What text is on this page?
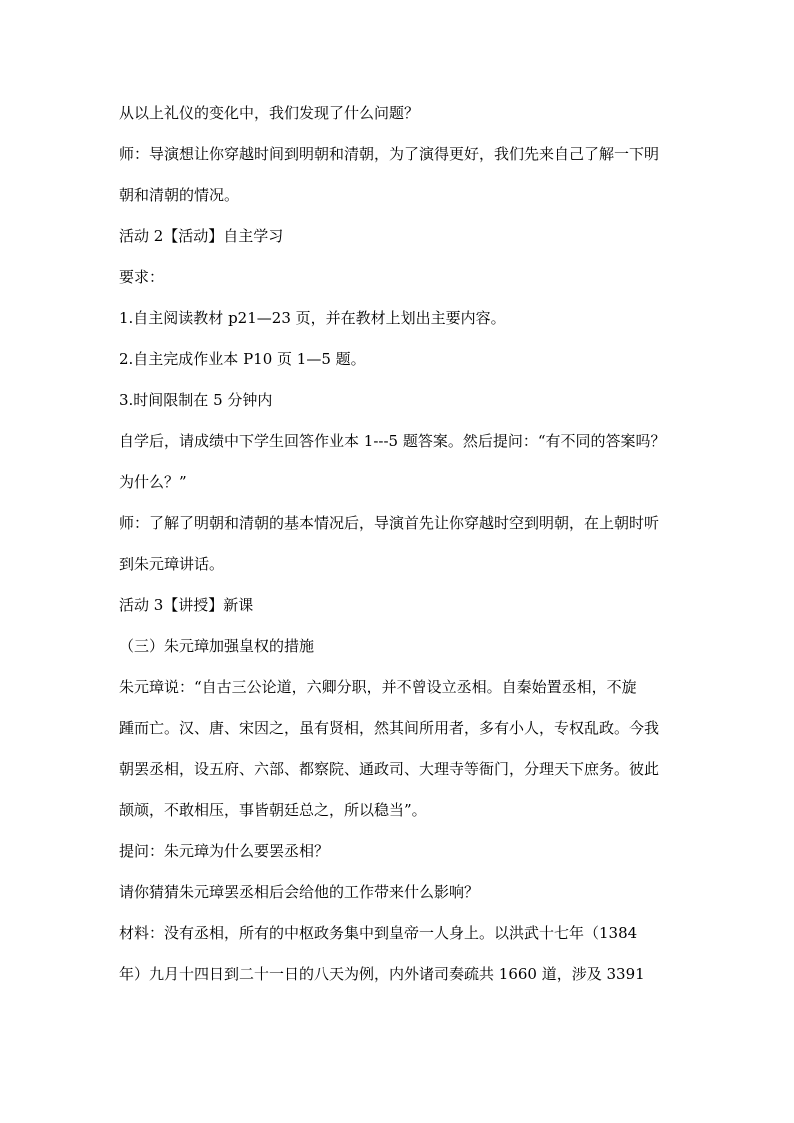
从以上礼仪的变化中，我们发现了什么问题？

师：导演想让你穿越时间到明朝和清朝，为了演得更好，我们先来自己了解一下明

朝和清朝的情况。

活动 2【活动】自主学习

要求：

1.自主阅读教材 p21—23 页，并在教材上划出主要内容。

2.自主完成作业本 P10 页 1—5 题。

3.时间限制在 5 分钟内

自学后，请成绩中下学生回答作业本 1---5 题答案。然后提问：“有不同的答案吗？

为什么？”

师：了解了明朝和清朝的基本情况后，导演首先让你穿越时空到明朝，在上朝时听

到朱元璋讲话。

活动 3【讲授】新课

（三）朱元璋加强皇权的措施

朱元璋说：“自古三公论道，六卿分职，并不曾设立丞相。自秦始置丞相，不旋

踵而亡。汉、唐、宋因之，虽有贤相，然其间所用者，多有小人，专权乱政。今我

朝罢丞相，设五府、六部、都察院、通政司、大理寺等衙门，分理天下庶务。彼此

颉颃，不敢相压，事皆朝廷总之，所以稳当”。

提问：朱元璋为什么要罢丞相？

请你猜猜朱元璋罢丞相后会给他的工作带来什么影响？

材料：没有丞相，所有的中枢政务集中到皇帝一人身上。以洪武十七年（1384

年）九月十四日到二十一日的八天为例，内外诸司奏疏共 1660 道，涉及 3391
